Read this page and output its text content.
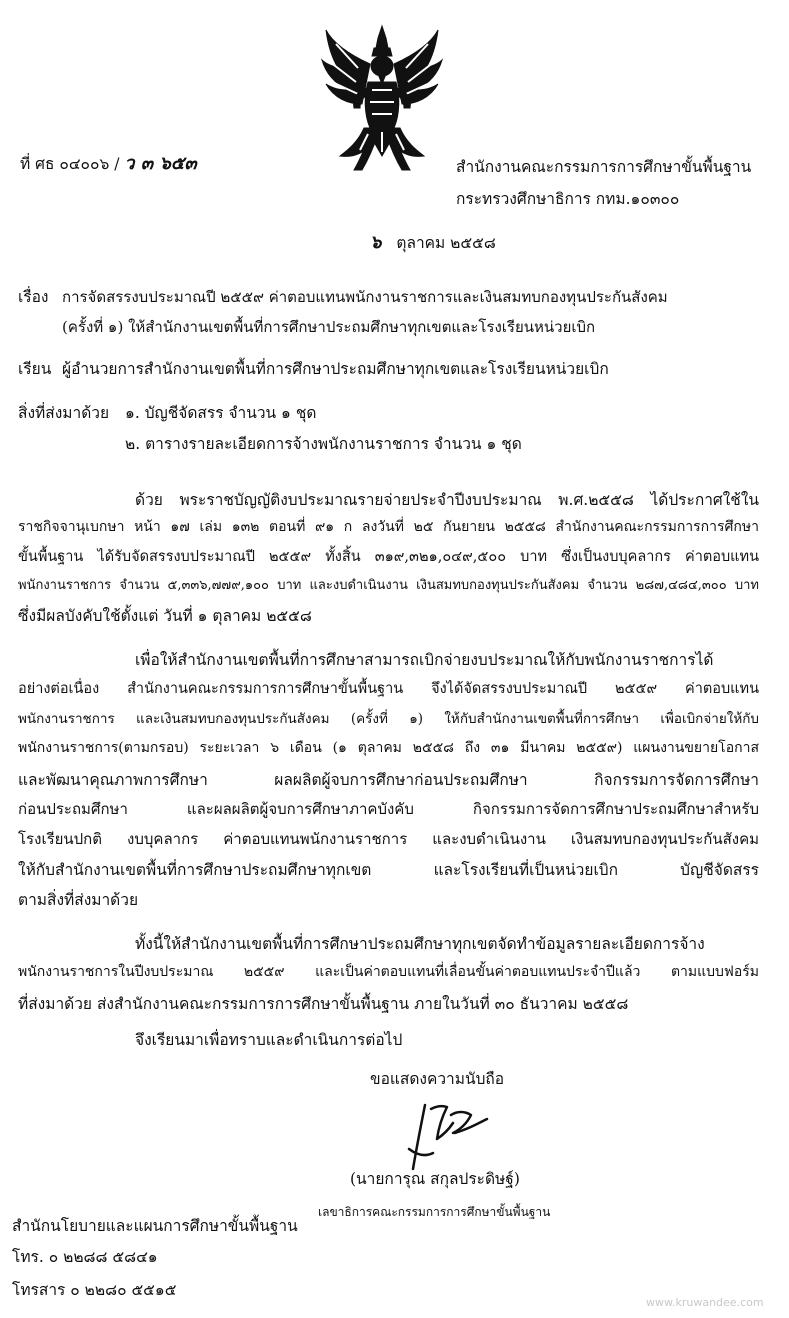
ที่ ศธ ๐๔๐๐๖ / ว ๓ ๖๕๓	สำนักงานคณะกรรมการการศึกษาขั้นพื้นฐาน
กระทรวงศึกษาธิการ กทม.๑๐๓๐๐
๖ ตุลาคม ๒๕๕๘
เรื่อง การจัดสรรงบประมาณปี ๒๕๕๙ ค่าตอบแทนพนักงานราชการและเงินสมทบกองทุนประกันสังคม
(ครั้งที่ ๑) ให้สำนักงานเขตพื้นที่การศึกษาประถมศึกษาทุกเขตและโรงเรียนหน่วยเบิก
เรียน ผู้อำนวยการสำนักงานเขตพื้นที่การศึกษาประถมศึกษาทุกเขตและโรงเรียนหน่วยเบิก
สิ่งที่ส่งมาด้วย ๑. บัญชีจัดสรร จำนวน ๑ ชุด
๒. ตารางรายละเอียดการจ้างพนักงานราชการ จำนวน ๑ ชุด
ด้วย พระราชบัญญัติงบประมาณรายจ่ายประจำปีงบประมาณ พ.ศ.๒๕๕๘ ได้ประกาศใช้ใน
ราชกิจจานุเบกษา หน้า ๑๗ เล่ม ๑๓๒ ตอนที่ ๙๑ ก ลงวันที่ ๒๕ กันยายน ๒๕๕๘ สำนักงานคณะกรรมการการศึกษา
ขั้นพื้นฐาน ได้รับจัดสรรงบประมาณปี ๒๕๕๙ ทั้งสิ้น ๓๑๙,๓๒๑,๐๔๙,๕๐๐ บาท ซึ่งเป็นงบบุคลากร ค่าตอบแทน
พนักงานราชการ จำนวน ๕,๓๓๖,๗๗๙,๑๐๐ บาท และงบดำเนินงาน เงินสมทบกองทุนประกันสังคม จำนวน ๒๘๗,๔๘๔,๓๐๐ บาท
ซึ่งมีผลบังคับใช้ตั้งแต่ วันที่ ๑ ตุลาคม ๒๕๕๘
เพื่อให้สำนักงานเขตพื้นที่การศึกษาสามารถเบิกจ่ายงบประมาณให้กับพนักงานราชการได้
อย่างต่อเนื่อง สำนักงานคณะกรรมการการศึกษาขั้นพื้นฐาน จึงได้จัดสรรงบประมาณปี ๒๕๕๙ ค่าตอบแทน
พนักงานราชการ และเงินสมทบกองทุนประกันสังคม (ครั้งที่ ๑) ให้กับสำนักงานเขตพื้นที่การศึกษา เพื่อเบิกจ่ายให้กับ
พนักงานราชการ(ตามกรอบ) ระยะเวลา ๖ เดือน (๑ ตุลาคม ๒๕๕๘ ถึง ๓๑ มีนาคม ๒๕๕๙) แผนงานขยายโอกาส
และพัฒนาคุณภาพการศึกษา ผลผลิตผู้จบการศึกษาก่อนประถมศึกษา กิจกรรมการจัดการศึกษา
ก่อนประถมศึกษา และผลผลิตผู้จบการศึกษาภาคบังคับ กิจกรรมการจัดการศึกษาประถมศึกษาสำหรับ
โรงเรียนปกติ งบบุคลากร ค่าตอบแทนพนักงานราชการ และงบดำเนินงาน เงินสมทบกองทุนประกันสังคม
ให้กับสำนักงานเขตพื้นที่การศึกษาประถมศึกษาทุกเขต และโรงเรียนที่เป็นหน่วยเบิก บัญชีจัดสรร
ตามสิ่งที่ส่งมาด้วย
ทั้งนี้ให้สำนักงานเขตพื้นที่การศึกษาประถมศึกษาทุกเขตจัดทำข้อมูลรายละเอียดการจ้าง
พนักงานราชการในปีงบประมาณ ๒๕๕๙ และเป็นค่าตอบแทนที่เลื่อนขั้นค่าตอบแทนประจำปีแล้ว ตามแบบฟอร์ม
ที่ส่งมาด้วย ส่งสำนักงานคณะกรรมการการศึกษาขั้นพื้นฐาน ภายในวันที่ ๓๐ ธันวาคม ๒๕๕๘
จึงเรียนมาเพื่อทราบและดำเนินการต่อไป
ขอแสดงความนับถือ
(นายการุณ สกุลประดิษฐ์)
เลขาธิการคณะกรรมการการศึกษาขั้นพื้นฐาน
สำนักนโยบายและแผนการศึกษาขั้นพื้นฐาน
โทร. ๐ ๒๒๘๘ ๕๘๔๑
โทรสาร ๐ ๒๒๘๐ ๕๕๑๕
www.kruwandee.com
